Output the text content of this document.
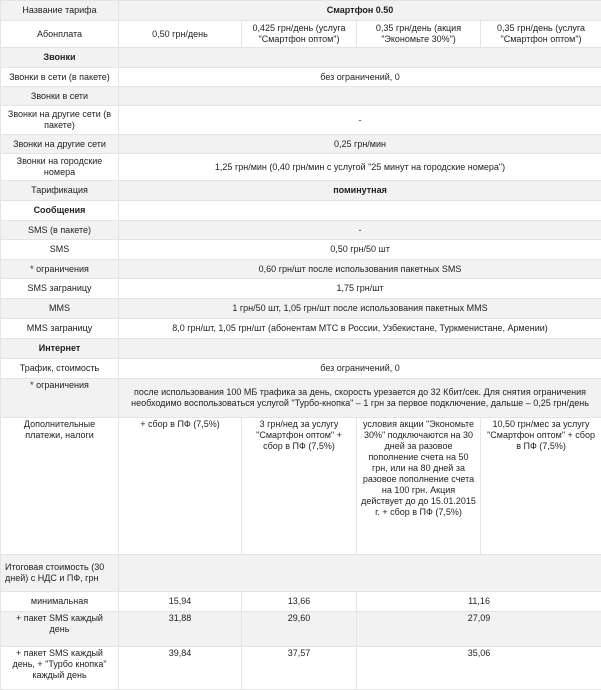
Название тарифа	Смартфон 0.50			
Абонплата	0,50 грн/день	0,425 грн/день (услуга "Смартфон оптом")	0,35 грн/день (акция "Экономьте 30%")	0,35 грн/день (услуга "Смартфон оптом")
Звонки				
Звонки в сети (в пакете)	без ограничений, 0			
Звонки в сети				
Звонки на другие сети (в пакете)	-			
Звонки на другие сети	0,25 грн/мин			
Звонки на городские номера	1,25 грн/мин (0,40 грн/мин с услугой "25 минут на городские номера")			
Тарификация	поминутная			
Сообщения				
SMS (в пакете)	-			
SMS	0,50 грн/50 шт			
* ограничения	0,60 грн/шт после использования пакетных SMS			
SMS заграницу	1,75 грн/шт			
MMS	1 грн/50 шт, 1,05 грн/шт после использования пакетных MMS			
MMS заграницу	8,0 грн/шт, 1,05 грн/шт (абонентам МТС в России, Узбекистане, Туркменистане, Армении)			
Интернет				
Трафик, стоимость	без ограничений, 0			
* ограничения	после использования 100 МБ трафика за день, скорость урезается до 32 Кбит/сек. Для снятия ограничения необходимо воспользоваться услугой "Турбо-кнопка" – 1 грн за первое подключение, дальше – 0,25 грн/день			
Дополнительные платежи, налоги	+ сбор в ПФ (7,5%)	3 грн/нед за услугу "Смартфон оптом" + сбор в ПФ (7,5%)	условия акции "Экономьте 30%" подключаются на 30 дней за разовое пополнение счета на 50 грн, или на 80 дней за разовое пополнение счета на 100 грн. Акция действует до до 15.01.2015 г. + сбор в ПФ (7,5%)	10,50 грн/мес за услугу "Смартфон оптом" + сбор в ПФ (7,5%)
Итоговая стоимость (30 дней) с НДС и ПФ, грн				
минимальная	15,94	13,66	11,16	
+ пакет SMS каждый день	31,88	29,60	27,09	
+ пакет SMS каждый день, + "Турбо кнопка" каждый день	39,84	37,57	35,06	
